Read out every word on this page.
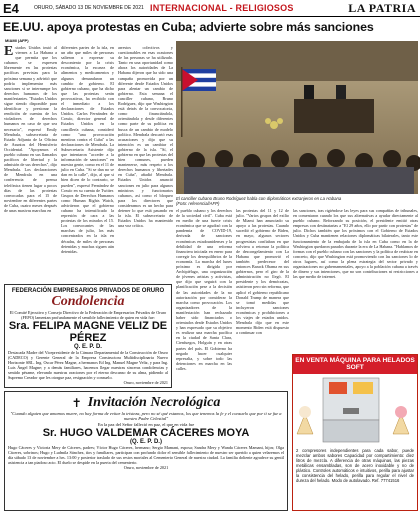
E4	ORURO, SÁBADO 13 DE NOVIEMBRE DE 2021 INTERNACIONAL - RELIGIOSOS	LA PATRIA
EE.UU. apoya protestas en Cuba; advierte sobre más sanciones
MIAMI (AFP)
Estados Unidos instó al viernes a La Habana a que permita que los cubanos se expresen libremente en las protestas pacíficas previstas para la próxima semana y advirtió que podría implementar más sanciones si se interrumpe los derechos humanos de los manifestantes. "Estados Unidos sigue siendo disponible para identificar y presionar la rendición de cuentas de los violadores de derechos humanos en caso de que sea necesario", expresó Emily Mendrala, subsecretaria de Estado Adjunta de la Oficina de Asuntos del Hemisferio Occidental. "Apoyamos el pueblo cubano en sus llamados pacíficos de libertad y la admisión de sus derechos", dijo Mendrala. Los declaraciones de Mendrala en una conferencia de prensa telefónica tienen lugar a pocos días de las protestas convocadas para el 15 de noviembre en diferentes partes de Cuba, cuatro meses después de unas masivas marchas en
diferentes partes de la isla, en un año que miles de personas salieron a expresar su descontento por la crisis económica, la escasez de alimentos y medicamentos y algunos demandaron un cambio de gobierno. El gobierno cubano, que ha dicho que las protestas serán provocativas, ha recibido con el inmediato a los declaraciones de Estados Unidos. Carlos Fernández de Cossío, director general de Estados Unidos en la cancillería cubana, consideró como "una provocación mentiras contra el Cuba" a las declaraciones de Mendrala. La Subsecretaria Asistente dijo que intentaron "acceder a la información de sanciones" en nuestra gente, como en el 11 de julio en Cuba. "Si se dan no se dan en la calle", dijo, al que si bien dicen de lo contrario, se pueden", expresó Fernández de Cossío en su cuenta de Twitter. Grupos de Derechos Humanos como Human Rights Watch, advirtieron que el gobierno cubano ha intensificado la represión de cara a las protestas de los mirados el 15. Los convocantes de las marchas de julio, los más concentrados en la isla en décadas, de miles de personas detenidas y muchas siguen aún detenidas.
arrestos colectivos y cuestionables en esas ocasiones de las personas se ha utilizado. Tanto en una oportunidad como ahora los autoridades de La Habana dijeron que ha sido una campaña promovida por un diferente desde Estados Unidos para alentar un cambio de gobierno. Esta semana el canciller cubano, Bruno Rodríguez, dijo que Washington está detrás de la convocatoria, como financiándola, orientándola y desde diferentes como parte de su política en busca de un cambio de modelo político. Mendrala descartó esas acusaciones y dijo que su intención es un cambiar el gobierno de la isla. "Sí, el gobierno en que las protestas del bien comunes, pueden mantenerse, más respeto a los derechos humanos y libertades en Cuba", añadió Mendrala. Estados Unidos anunció sanciones en julio para algunos ministros y funcionarios cubanos, así como el bloqueo para los directores que consideramos es un hecho para detener lo que está pasando en la isla. El subsecretario de Estados Unidos ha mantenido una voz crítica.
El canciller cubano Bruno Rodríguez habla con diplomáticos extranjeros en La Habana
(Foto: referencial/AFP)
el pueblo cubano y los derechos de la sociedad civil". Cuba está en medio de una fuerte crisis económica que se agudizó con la pandemia de COVID-19, derivada de sanciones económicas estadounidenses y la debilidad de una reforma financiera iniciada en enero para corregir los desequilibrios de la economía. La marcha del lunes próximo es dirigida por Archipiélago, una organización de jóvenes artistas y activistas, que dijo que seguirá con la planificación pese a la decisión de las autoridades de la no autorización por considerar la marcha como provocación. Los organizadores de la manifestación han rechazado haber sido financiados o orientados desde Estados Unidos y han expresado que su objetivo es realizar una marcha pacífica en la ciudad de Santa Clara, Cienfuegos, Holguín y en otras partes del país. El Gobierno ha negado hacer cualquier represalia, y sobre todo las detenciones en marcha en las calles.
las protestas del 11 y 12 de julio. "Varios grupos del exilio de Miami han anunciado su apoyo a las protestas. Cuando sucedió el gobierno de Biden, en mayo, algunos sectores progresistas confiaban en que volviera a retomar la política de descongelamiento con La Habana que promovió el también predecesor del entonces Barack Obama en sus gobiernos, pero el giro de la administración no llegó. El presidente y los demócratas, asistieron pero sin reforma, que aplicó el gobierno republicano Donald Trump de manera que se tomó medidas que incluyeron sanciones económicas y prohibiciones a los viajes de estados unidos. Mendrala dijo que en este momento Biden está dispuesto a continuar con
las sanciones, tras rigiéndose las leyes para sus compañías de tribunales, en comentaron cuando los que sus alternativas a ayudar directamente al pueblo cubano. Reforzando su posición, el presidente emitió otras empresas con destinatarias a "El 29 años, ello por partir con protestas" de julio. Dichos también que los próximos con el Gobierno de Estados Unidos y Cuba mantienen relaciones diplomáticas bilaterales, tanto este funcionamiento de la embajada de la isla en Cuba como en la de Washington quedaron parados durante la era de La Habana. "Hablamos de formas con el pueblo cubano con las sanciones y la política de reubicar en concreto, dijo que Washington está promoviendo con las sanciones lo de otros lugares, así como la plena estrategia del sector privado y organizaciones no gubernamentales, apoyo a la población cubana a través de dinero y sus intenciones, que no son contribuciones ni restricciones a las que medio de internet.
FEDERACIÓN EMPRESARIOS PRIVADOS DE ORURO
Condolencia
El Comité Ejecutivo y Consejo Directivo de la Federación de Empresarios Privados de Oruro (FEPO) lamentan profundamente el sensible fallecimiento de quien en vida fue:
Sra. FELIPA MAGNE VELIZ DE PÉREZ
Q. E. P. D.
Destacada Madre del Vicepresidente de la Cámara Departamental de la Construcción de Oruro (CADECO) y Gerente General de la Empresa Constructora Multidisciplinaria Nuevo Horizonte SRL. Ing. Oscar Pérez Magne, a hermanos Ed Ing. Manuel Magne Veliz, y para Ing. Luis Ángel Magne; y a demás familiares, hacemos llegar nuestras sinceras condolencias y sentido pésame, elevando nuestras oraciones por el eterno descanso de su alma, pidiendo al Supremo Creador que les otorgue paz, resignación y consuelo.
Oruro, noviembre de 2021
✝ Invitación Necrológica
"Cuando alguien que amamos muere, no hay forma de evitar la tristeza, pero no sé qué estamos, los que tenemos la fe y el consuelo que por ti se fue a nuestro Padre Celestial"
En la paz del Señor falleció en paz, el que en vida fue
Sr. HUGO VALDEMAR CÁCERES MOYA
(Q. E. P. D.)
Hugo Cáceres y Victoria Mery de Cáceres, padres; Víctor Hugo Cáceres, hermano; Sergio Mamani, esposa; Sandra Mery y Wanda Cáceres Mamani, hijos; Olga Cáceres, sobrinos; Hugo y Ludmila Sánchez, tíos y familiares, participan con profundo dolor el sensible fallecimiento de nuestro ser querido a quien velaremos el día sábado 13 de noviembre a hrs. 13:00 y posterior traslado de sus restos mortales al Cementerio General de nuestra ciudad. La familia doliente agradece su gentil asistencia a tan piadoso acto. El duelo se despide en la puerta del cementerio.
Oruro, noviembre de 2021
EN VENTA MÁQUINA PARA HELADOS SOFT
2 compresores independientes para cada sabor, puede mezclar ambos sabores Capacidad por compartimiento: diez litros de mezcla. A diferencia de otras máquinas, las piezas metálicas ensambladas, son de acero inoxidable y no de plástico. Controles automáticos e intuitivos, perilla para ajustar la consistencia del helado, perilla para regular el nivel de dureza del helado. Modo de autolavado. Ref. 77741516
